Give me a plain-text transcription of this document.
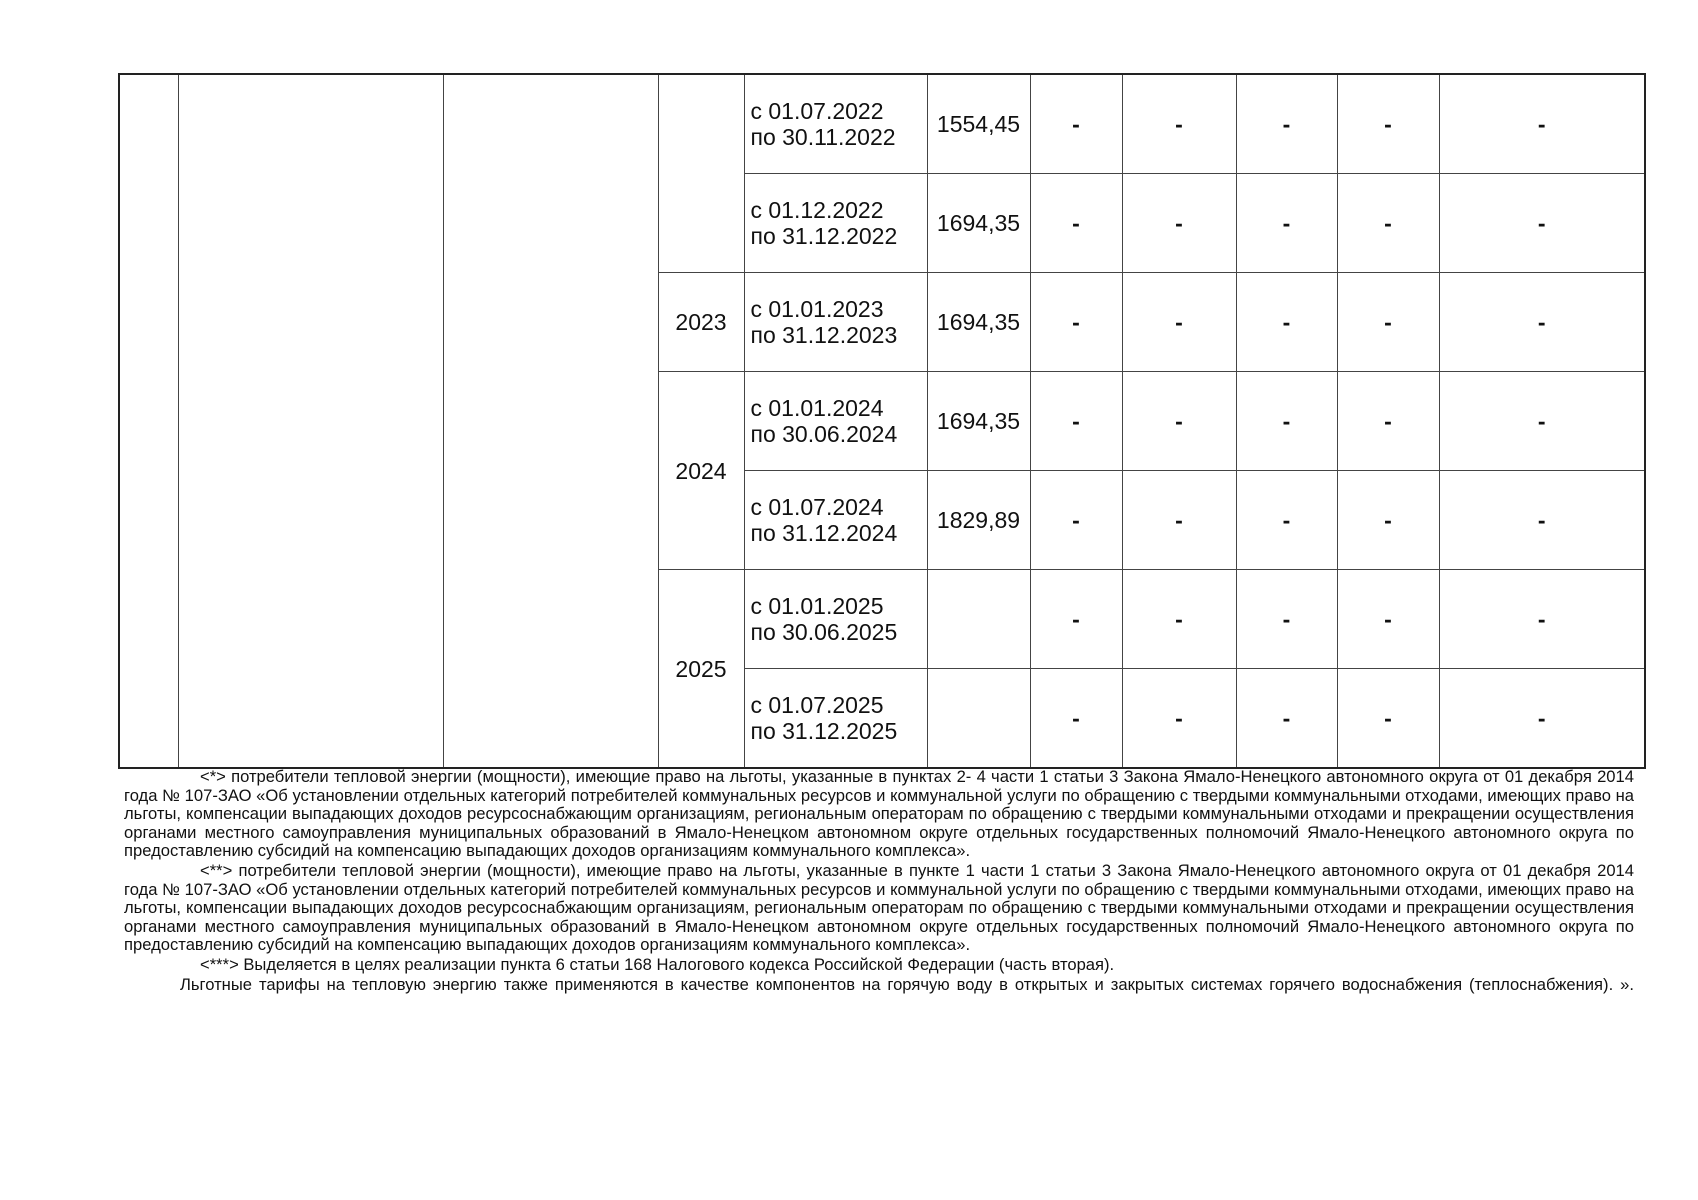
				с 01.07.2022
по 30.11.2022	1554,45	-	-	-	-	-

				с 01.12.2022
по 31.12.2022	1694,35	-	-	-	-	-
			2023	с 01.01.2023
по 31.12.2023	1694,35	-	-	-	-	-
			2024	с 01.01.2024
по 30.06.2024	1694,35	-	-	-	-	-

				с 01.07.2024
по 31.12.2024	1829,89	-	-	-	-	-
			2025	с 01.01.2025
по 30.06.2025		-	-	-	-	-

				с 01.07.2025
по 31.12.2025		-	-	-	-	-

<*> потребители тепловой энергии (мощности), имеющие право на льготы, указанные в пунктах 2- 4 части 1 статьи 3 Закона Ямало-Ненецкого автономного округа от 01 декабря 2014 года № 107-ЗАО «Об установлении отдельных категорий потребителей коммунальных ресурсов и коммунальной услуги по обращению с твердыми коммунальными отходами, имеющих право на льготы, компенсации выпадающих доходов ресурсоснабжающим организациям, региональным операторам по обращению с твердыми коммунальными отходами и прекращении осуществления органами местного самоуправления муниципальных образований в Ямало-Ненецком автономном округе отдельных государственных полномочий Ямало-Ненецкого автономного округа по предоставлению субсидий на компенсацию выпадающих доходов организациям коммунального комплекса».

<**> потребители тепловой энергии (мощности), имеющие право на льготы, указанные в пункте 1 части 1 статьи 3 Закона Ямало-Ненецкого автономного округа от 01 декабря 2014 года № 107-ЗАО «Об установлении отдельных категорий потребителей коммунальных ресурсов и коммунальной услуги по обращению с твердыми коммунальными отходами, имеющих право на льготы, компенсации выпадающих доходов ресурсоснабжающим организациям, региональным операторам по обращению с твердыми коммунальными отходами и прекращении осуществления органами местного самоуправления муниципальных образований в Ямало-Ненецком автономном округе отдельных государственных полномочий Ямало-Ненецкого автономного округа по предоставлению субсидий на компенсацию выпадающих доходов организациям коммунального комплекса».

<***> Выделяется в целях реализации пункта 6 статьи 168 Налогового кодекса Российской Федерации (часть вторая).

Льготные тарифы на тепловую энергию также применяются в качестве компонентов на горячую воду в открытых и закрытых системах горячего водоснабжения (теплоснабжения). ».
